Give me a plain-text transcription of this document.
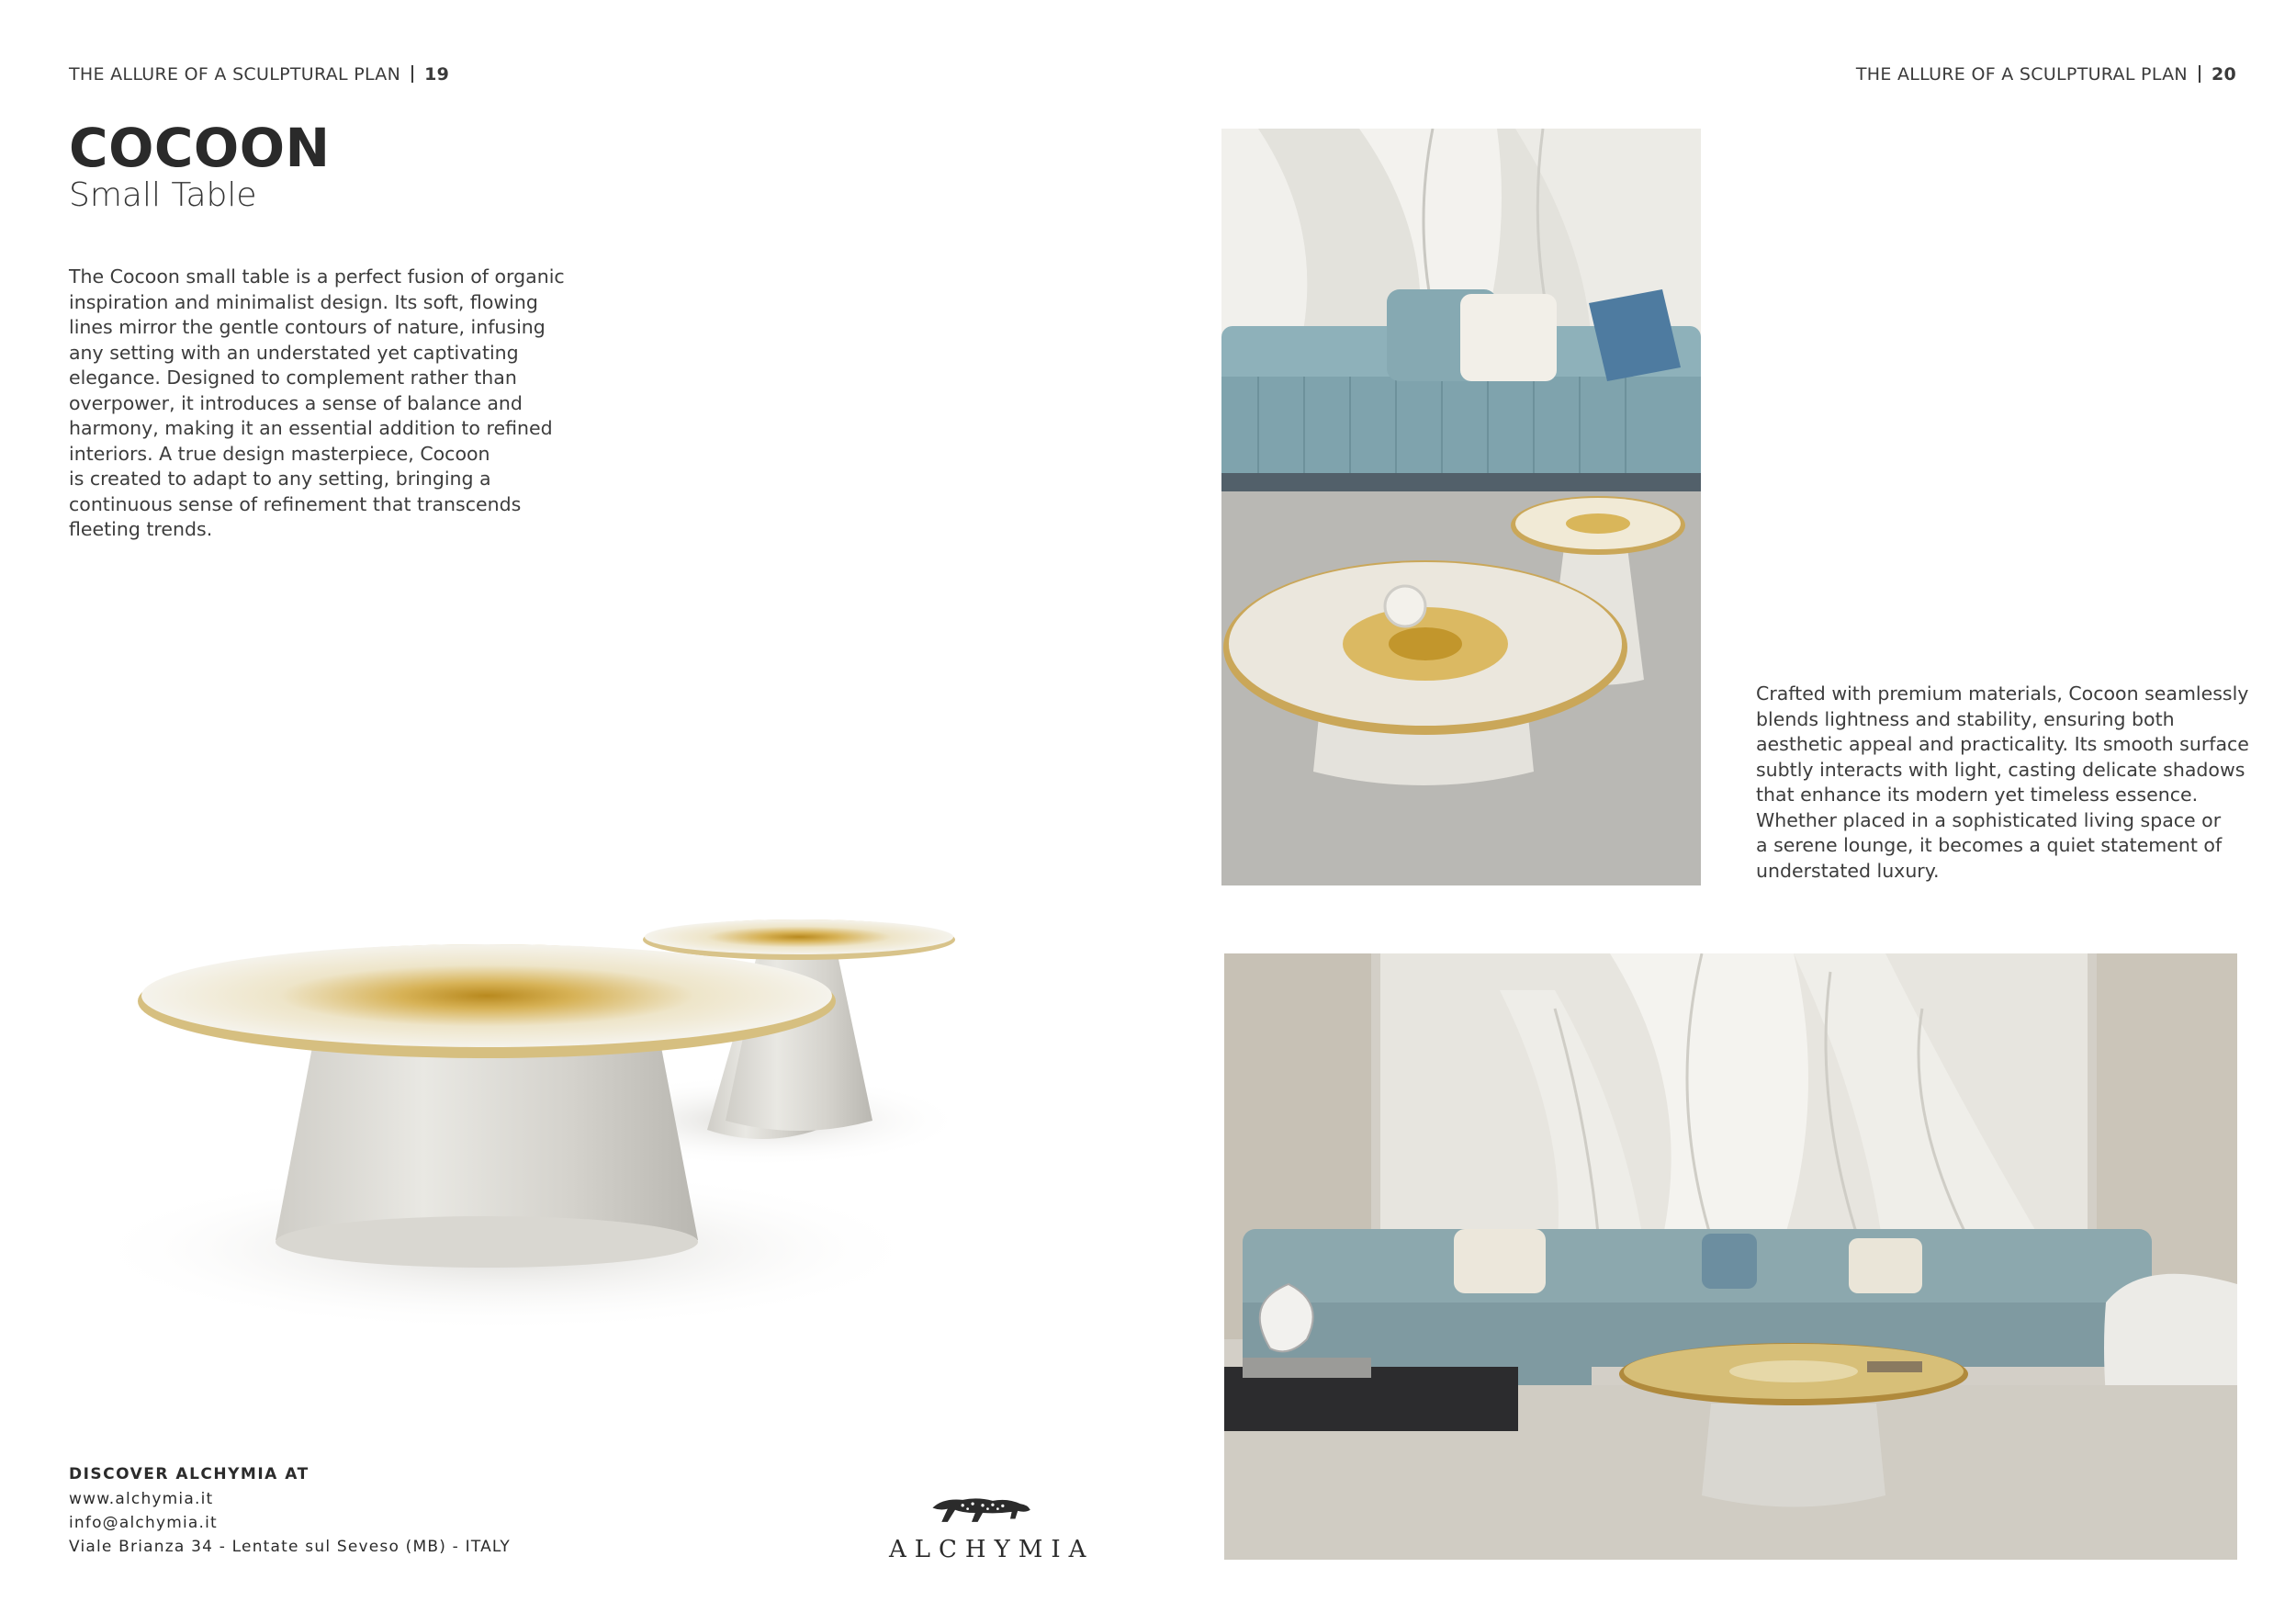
THE ALLURE OF A SCULPTURAL PLAN 19	THE ALLURE OF A SCULPTURAL PLAN 20
COCOON
Small Table

The Cocoon small table is a perfect fusion of organic
inspiration and minimalist design. Its soft, flowing
lines mirror the gentle contours of nature, infusing
any setting with an understated yet captivating
elegance. Designed to complement rather than
overpower, it introduces a sense of balance and
harmony, making it an essential addition to refined
interiors. A true design masterpiece, Cocoon
is created to adapt to any setting, bringing a
continuous sense of refinement that transcends
fleeting trends.

Crafted with premium materials, Cocoon seamlessly
blends lightness and stability, ensuring both
aesthetic appeal and practicality. Its smooth surface
subtly interacts with light, casting delicate shadows
that enhance its modern yet timeless essence.
Whether placed in a sophisticated living space or
a serene lounge, it becomes a quiet statement of
understated luxury.

DISCOVER ALCHYMIA AT

www.alchymia.it

info@alchymia.it

Viale Brianza 34 - Lentate sul Seveso (MB) - ITALY	ALCHYMIA
